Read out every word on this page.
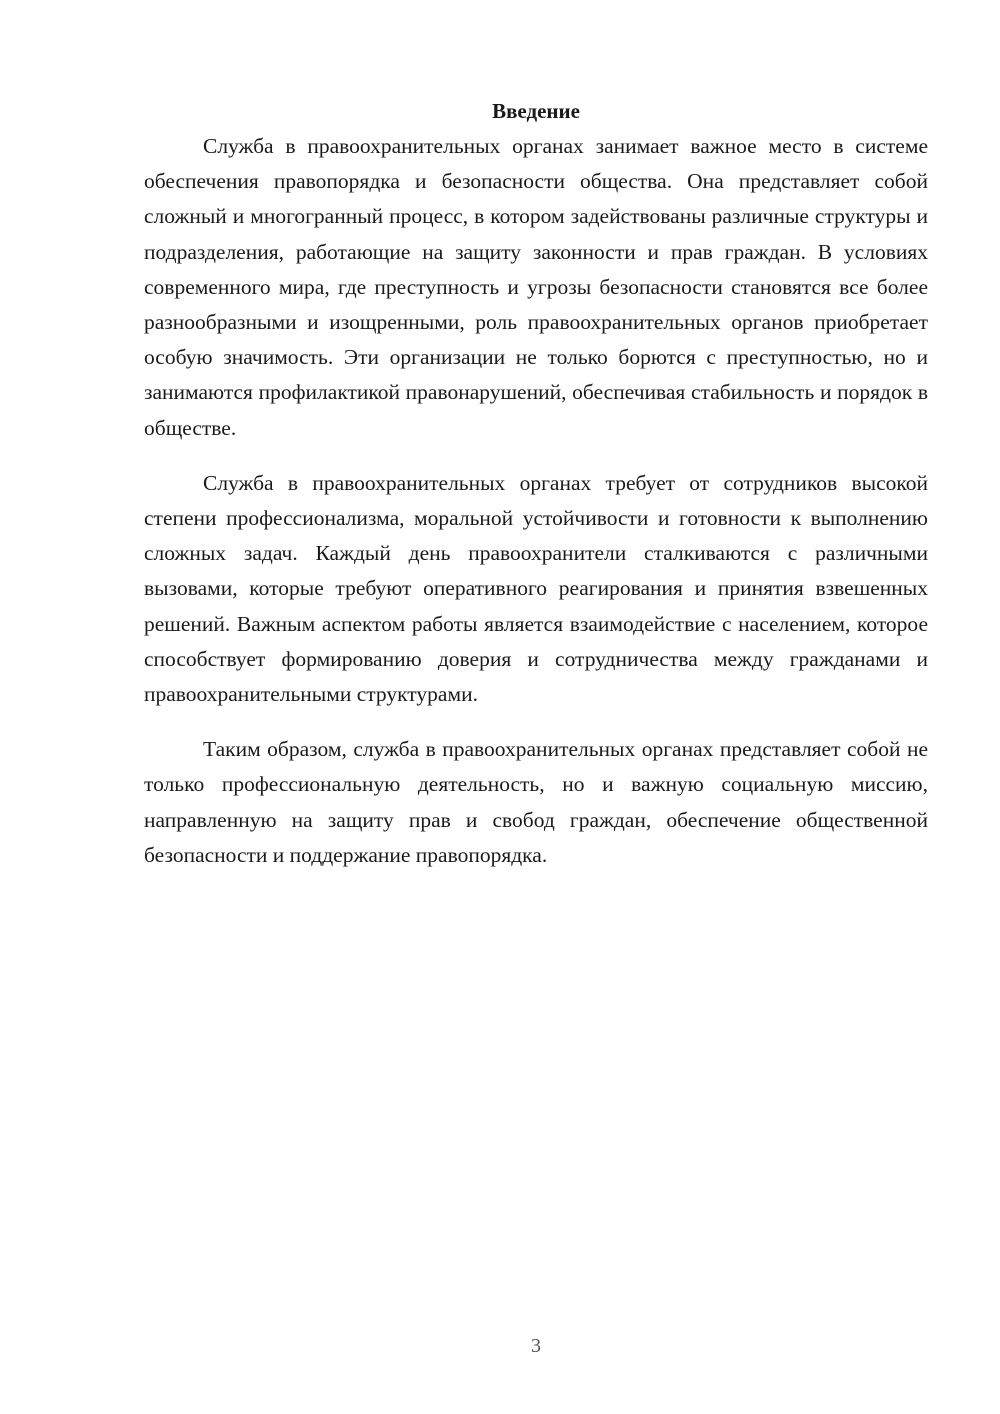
Введение

Служба в правоохранительных органах занимает важное место в системе обеспечения правопорядка и безопасности общества. Она представляет собой сложный и многогранный процесс, в котором задействованы различные структуры и подразделения, работающие на защиту законности и прав граждан. В условиях современного мира, где преступность и угрозы безопасности становятся все более разнообразными и изощренными, роль правоохранительных органов приобретает особую значимость. Эти организации не только борются с преступностью, но и занимаются профилактикой правонарушений, обеспечивая стабильность и порядок в обществе.

Служба в правоохранительных органах требует от сотрудников высокой степени профессионализма, моральной устойчивости и готовности к выполнению сложных задач. Каждый день правоохранители сталкиваются с различными вызовами, которые требуют оперативного реагирования и принятия взвешенных решений. Важным аспектом работы является взаимодействие с населением, которое способствует формированию доверия и сотрудничества между гражданами и правоохранительными структурами.

Таким образом, служба в правоохранительных органах представляет собой не только профессиональную деятельность, но и важную социальную миссию, направленную на защиту прав и свобод граждан, обеспечение общественной безопасности и поддержание правопорядка.

3
